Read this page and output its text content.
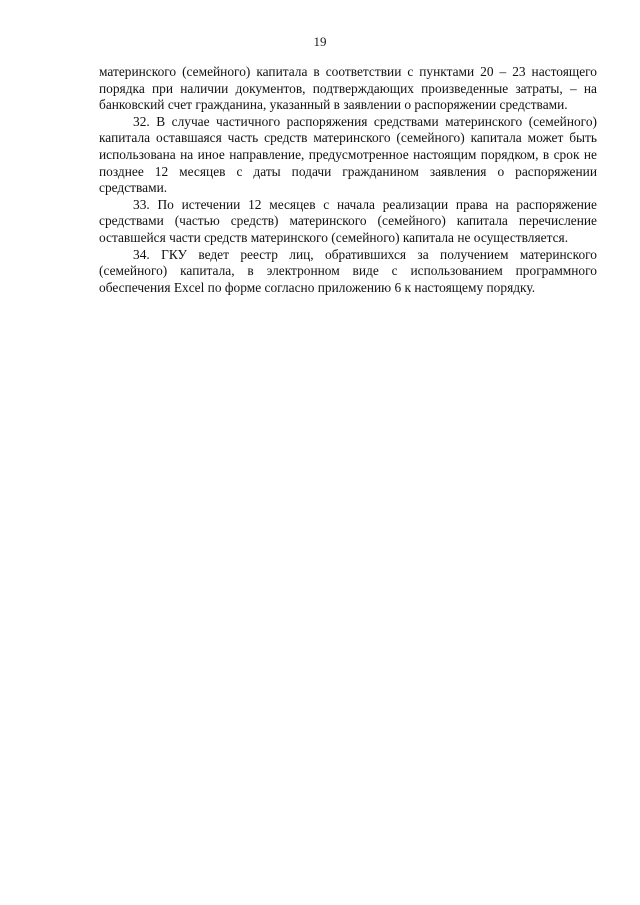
19

материнского (семейного) капитала в соответствии с пунктами 20 – 23 настоящего порядка при наличии документов, подтверждающих произведенные затраты, – на банковский счет гражданина, указанный в заявлении о распоряжении средствами.

32. В случае частичного распоряжения средствами материнского (семейного) капитала оставшаяся часть средств материнского (семейного) капитала может быть использована на иное направление, предусмотренное настоящим порядком, в срок не позднее 12 месяцев с даты подачи гражданином заявления о распоряжении средствами.

33. По истечении 12 месяцев с начала реализации права на распоряжение средствами (частью средств) материнского (семейного) капитала перечисление оставшейся части средств материнского (семейного) капитала не осуществляется.

34. ГКУ ведет реестр лиц, обратившихся за получением материнского (семейного) капитала, в электронном виде с использованием программного обеспечения Excel по форме согласно приложению 6 к настоящему порядку.
